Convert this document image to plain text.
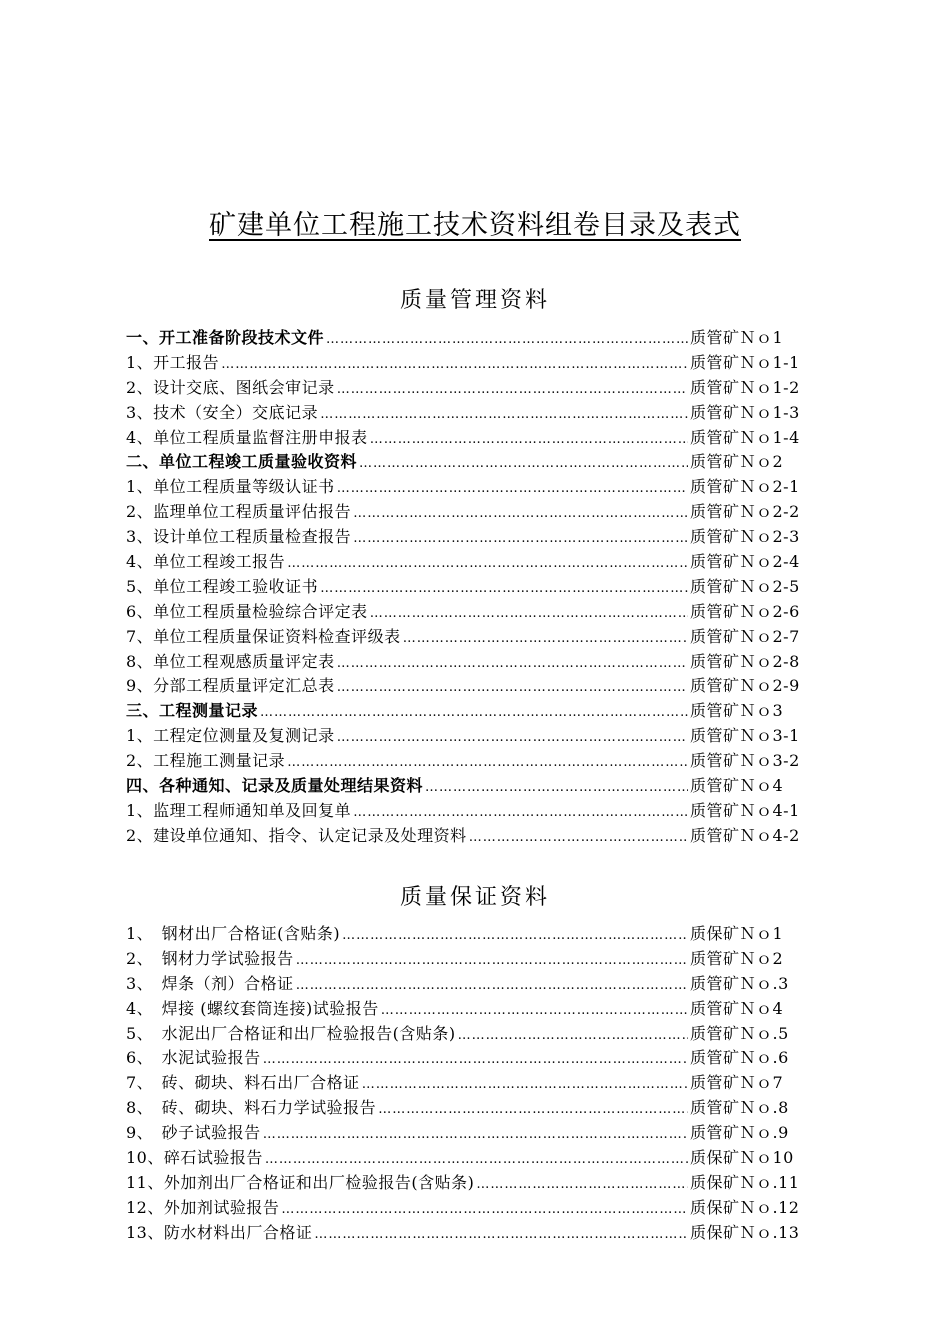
矿建单位工程施工技术资料组卷目录及表式
质量管理资料
一、开工准备阶段技术文件 …………………………………………………………………………………………………………………………………………………………………………	质管矿Ｎｏ1
1、开工报告 …………………………………………………………………………………………………………………………………………………………………………	质管矿Ｎｏ1-1
2、设计交底、图纸会审记录 …………………………………………………………………………………………………………………………………………………………………………	质管矿Ｎｏ1-2
3、技术（安全）交底记录 …………………………………………………………………………………………………………………………………………………………………………	质管矿Ｎｏ1-3
4、单位工程质量监督注册申报表 …………………………………………………………………………………………………………………………………………………………………………	质管矿Ｎｏ1-4
二、单位工程竣工质量验收资料 …………………………………………………………………………………………………………………………………………………………………………	质管矿Ｎｏ2
1、单位工程质量等级认证书 …………………………………………………………………………………………………………………………………………………………………………	质管矿Ｎｏ2-1
2、监理单位工程质量评估报告 …………………………………………………………………………………………………………………………………………………………………………	质管矿Ｎｏ2-2
3、设计单位工程质量检查报告 …………………………………………………………………………………………………………………………………………………………………………	质管矿Ｎｏ2-3
4、单位工程竣工报告 …………………………………………………………………………………………………………………………………………………………………………	质管矿Ｎｏ2-4
5、单位工程竣工验收证书 …………………………………………………………………………………………………………………………………………………………………………	质管矿Ｎｏ2-5
6、单位工程质量检验综合评定表 …………………………………………………………………………………………………………………………………………………………………………	质管矿Ｎｏ2-6
7、单位工程质量保证资料检查评级表 …………………………………………………………………………………………………………………………………………………………………………	质管矿Ｎｏ2-7
8、单位工程观感质量评定表 …………………………………………………………………………………………………………………………………………………………………………	质管矿Ｎｏ2-8
9、分部工程质量评定汇总表 …………………………………………………………………………………………………………………………………………………………………………	质管矿Ｎｏ2-9
三、工程测量记录 …………………………………………………………………………………………………………………………………………………………………………	质管矿Ｎｏ3
1、工程定位测量及复测记录 …………………………………………………………………………………………………………………………………………………………………………	质管矿Ｎｏ3-1
2、工程施工测量记录 …………………………………………………………………………………………………………………………………………………………………………	质管矿Ｎｏ3-2
四、各种通知、记录及质量处理结果资料 …………………………………………………………………………………………………………………………………………………………………………	质管矿Ｎｏ4
1、监理工程师通知单及回复单 …………………………………………………………………………………………………………………………………………………………………………	质管矿Ｎｏ4-1
2、建设单位通知、指令、认定记录及处理资料 …………………………………………………………………………………………………………………………………………………………………………	质管矿Ｎｏ4-2
质量保证资料
1、　钢材出厂合格证(含贴条) …………………………………………………………………………………………………………………………………………………………………………	质保矿Ｎｏ1
2、　钢材力学试验报告 …………………………………………………………………………………………………………………………………………………………………………	质管矿Ｎｏ2
3、　焊条（剂）合格证 …………………………………………………………………………………………………………………………………………………………………………	质管矿Ｎｏ.3
4、　焊接 (螺纹套筒连接)试验报告 …………………………………………………………………………………………………………………………………………………………………………	质管矿Ｎｏ4
5、　水泥出厂合格证和出厂检验报告(含贴条) …………………………………………………………………………………………………………………………………………………………………………	质管矿Ｎｏ.5
6、　水泥试验报告 …………………………………………………………………………………………………………………………………………………………………………	质管矿Ｎｏ.6
7、　砖、砌块、料石出厂合格证 …………………………………………………………………………………………………………………………………………………………………………	质管矿Ｎｏ7
8、　砖、砌块、料石力学试验报告 …………………………………………………………………………………………………………………………………………………………………………	质管矿Ｎｏ.8
9、　砂子试验报告 …………………………………………………………………………………………………………………………………………………………………………	质管矿Ｎｏ.9
10、碎石试验报告 …………………………………………………………………………………………………………………………………………………………………………	质保矿Ｎｏ10
11、外加剂出厂合格证和出厂检验报告(含贴条) …………………………………………………………………………………………………………………………………………………………………………	质保矿Ｎｏ.11
12、外加剂试验报告 …………………………………………………………………………………………………………………………………………………………………………	质保矿Ｎｏ.12
13、防水材料出厂合格证 …………………………………………………………………………………………………………………………………………………………………………	质保矿Ｎｏ.13
